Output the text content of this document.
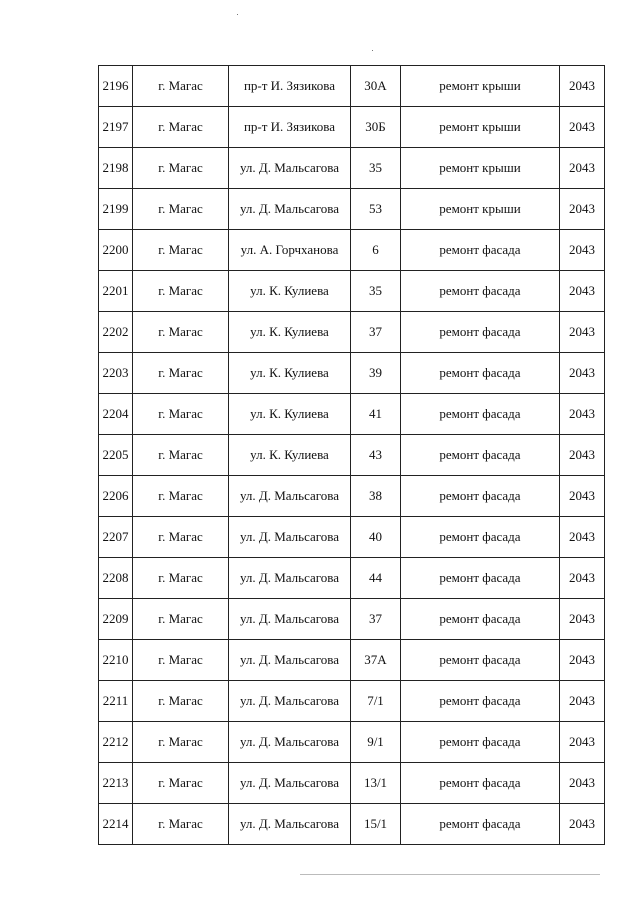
2196	г. Магас	пр-т И. Зязикова	30А	ремонт крыши	2043
2197	г. Магас	пр-т И. Зязикова	30Б	ремонт крыши	2043
2198	г. Магас	ул. Д. Мальсагова	35	ремонт крыши	2043
2199	г. Магас	ул. Д. Мальсагова	53	ремонт крыши	2043
2200	г. Магас	ул. А. Горчханова	6	ремонт фасада	2043
2201	г. Магас	ул. К. Кулиева	35	ремонт фасада	2043
2202	г. Магас	ул. К. Кулиева	37	ремонт фасада	2043
2203	г. Магас	ул. К. Кулиева	39	ремонт фасада	2043
2204	г. Магас	ул. К. Кулиева	41	ремонт фасада	2043
2205	г. Магас	ул. К. Кулиева	43	ремонт фасада	2043
2206	г. Магас	ул. Д. Мальсагова	38	ремонт фасада	2043
2207	г. Магас	ул. Д. Мальсагова	40	ремонт фасада	2043
2208	г. Магас	ул. Д. Мальсагова	44	ремонт фасада	2043
2209	г. Магас	ул. Д. Мальсагова	37	ремонт фасада	2043
2210	г. Магас	ул. Д. Мальсагова	37А	ремонт фасада	2043
2211	г. Магас	ул. Д. Мальсагова	7/1	ремонт фасада	2043
2212	г. Магас	ул. Д. Мальсагова	9/1	ремонт фасада	2043
2213	г. Магас	ул. Д. Мальсагова	13/1	ремонт фасада	2043
2214	г. Магас	ул. Д. Мальсагова	15/1	ремонт фасада	2043
